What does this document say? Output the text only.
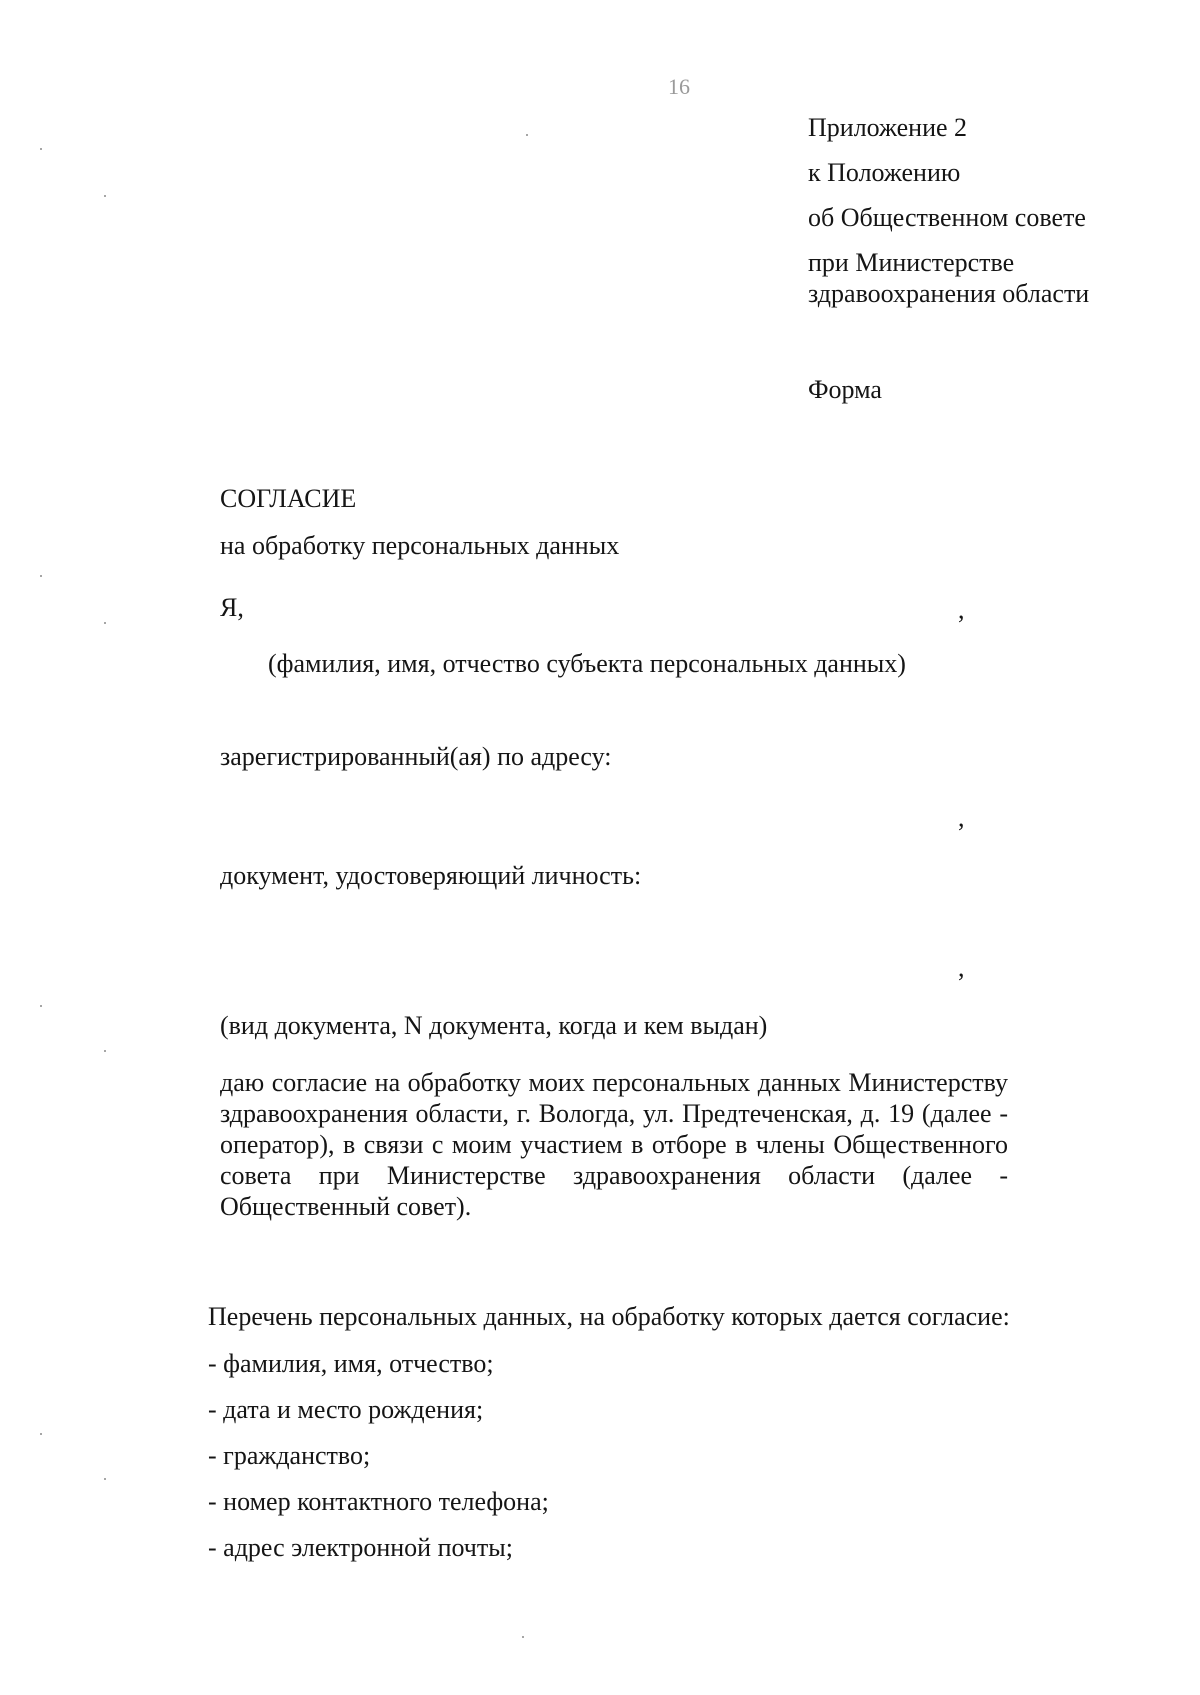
16
Приложение 2
к Положению
об Общественном совете
при Министерстве
здравоохранения области
Форма
СОГЛАСИЕ
на обработку персональных данных
Я,	,
(фамилия, имя, отчество субъекта персональных данных)
зарегистрированный(ая) по адресу:
,
документ, удостоверяющий личность:
,
(вид документа, N документа, когда и кем выдан)
даю согласие на обработку моих персональных данных Министерству здравоохранения области, г. Вологда, ул. Предтеченская, д. 19 (далее - оператор), в связи с моим участием в отборе в члены Общественного совета при Министерстве здравоохранения области (далее - Общественный совет).
Перечень персональных данных, на обработку которых дается согласие:
- фамилия, имя, отчество;
- дата и место рождения;
- гражданство;
- номер контактного телефона;
- адрес электронной почты;
